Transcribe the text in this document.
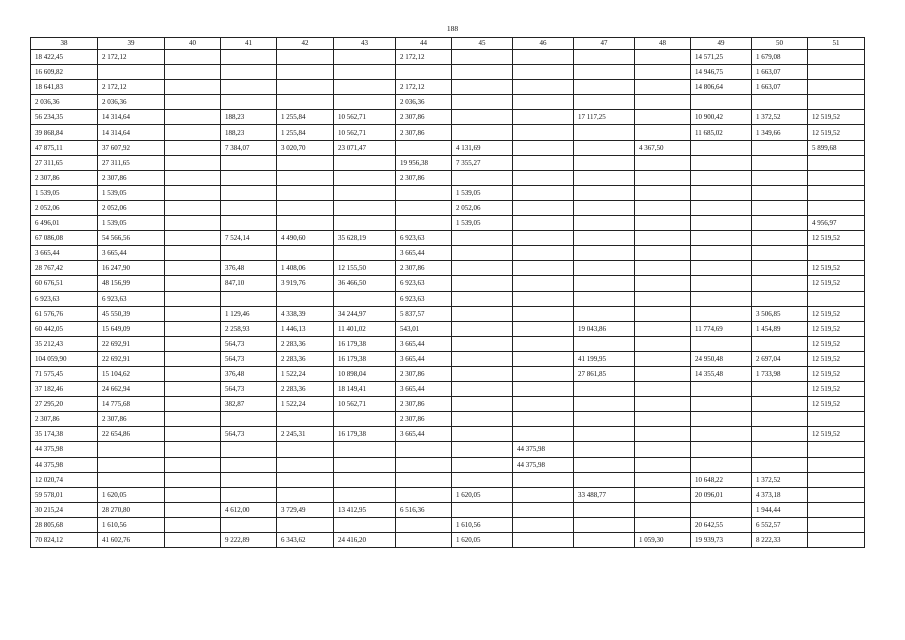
188
38	39	40	41	42	43	44	45	46	47	48	49	50	51
18 422,45	2 172,12					2 172,12					14 571,25	1 679,08	
16 609,82											14 946,75	1 663,07	
18 641,83	2 172,12					2 172,12					14 806,64	1 663,07	
2 036,36	2 036,36					2 036,36							
56 234,35	14 314,64		188,23	1 255,84	10 562,71	2 307,86			17 117,25		10 900,42	1 372,52	12 519,52
39 868,84	14 314,64		188,23	1 255,84	10 562,71	2 307,86					11 685,02	1 349,66	12 519,52
47 875,11	37 607,92		7 384,07	3 020,70	23 071,47		4 131,69			4 367,50			5 899,68
27 311,65	27 311,65					19 956,38	7 355,27						
2 307,86	2 307,86					2 307,86							
1 539,05	1 539,05						1 539,05						
2 052,06	2 052,06						2 052,06						
6 496,01	1 539,05						1 539,05						4 956,97
67 086,08	54 566,56		7 524,14	4 490,60	35 628,19	6 923,63							12 519,52
3 665,44	3 665,44					3 665,44							
28 767,42	16 247,90		376,48	1 408,06	12 155,50	2 307,86							12 519,52
60 676,51	48 156,99		847,10	3 919,76	36 466,50	6 923,63							12 519,52
6 923,63	6 923,63					6 923,63							
61 576,76	45 550,39		1 129,46	4 338,39	34 244,97	5 837,57						3 506,85	12 519,52
60 442,05	15 649,09		2 258,93	1 446,13	11 401,02	543,01			19 043,86		11 774,69	1 454,89	12 519,52
35 212,43	22 692,91		564,73	2 283,36	16 179,38	3 665,44							12 519,52
104 059,90	22 692,91		564,73	2 283,36	16 179,38	3 665,44			41 199,95		24 950,48	2 697,04	12 519,52
71 575,45	15 104,62		376,48	1 522,24	10 898,04	2 307,86			27 861,85		14 355,48	1 733,98	12 519,52
37 182,46	24 662,94		564,73	2 283,36	18 149,41	3 665,44							12 519,52
27 295,20	14 775,68		382,87	1 522,24	10 562,71	2 307,86							12 519,52
2 307,86	2 307,86					2 307,86							
35 174,38	22 654,86		564,73	2 245,31	16 179,38	3 665,44							12 519,52
44 375,98								44 375,98					
44 375,98								44 375,98					
12 020,74											10 648,22	1 372,52	
59 578,01	1 620,05						1 620,05		33 488,77		20 096,01	4 373,18	
30 215,24	28 270,80		4 612,00	3 729,49	13 412,95	6 516,36						1 944,44	
28 805,68	1 610,56						1 610,56				20 642,55	6 552,57	
70 824,12	41 602,76		9 222,89	6 343,62	24 416,20		1 620,05			1 059,30	19 939,73	8 222,33	
